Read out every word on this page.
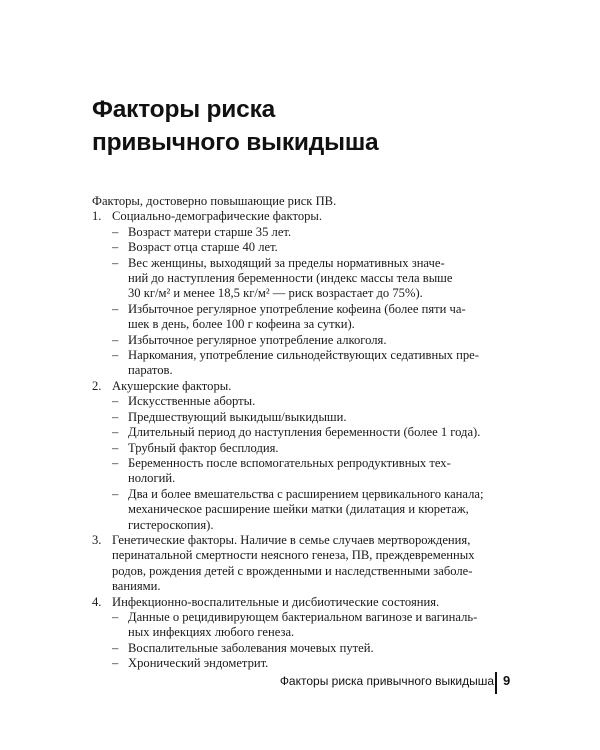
Факторы риска
привычного выкидыша

Факторы, достоверно повышающие риск ПВ.

1. Социально-демографические факторы.
– Возраст матери старше 35 лет.
– Возраст отца старше 40 лет.
– Вес женщины, выходящий за пределы нормативных значе-
ний до наступления беременности (индекс массы тела выше
30 кг/м² и менее 18,5 кг/м² — риск возрастает до 75%).
– Избыточное регулярное употребление кофеина (более пяти ча-
шек в день, более 100 г кофеина за сутки).
– Избыточное регулярное употребление алкоголя.
– Наркомания, употребление сильнодействующих седативных пре-
паратов.
2. Акушерские факторы.
– Искусственные аборты.
– Предшествующий выкидыш/выкидыши.
– Длительный период до наступления беременности (более 1 года).
– Трубный фактор бесплодия.
– Беременность после вспомогательных репродуктивных тех-
нологий.
– Два и более вмешательства с расширением цервикального канала;
механическое расширение шейки матки (дилатация и кюретаж,
гистероскопия).
3. Генетические факторы. Наличие в семье случаев мертворождения,
перинатальной смертности неясного генеза, ПВ, преждевременных
родов, рождения детей с врожденными и наследственными заболе-
ваниями.
4. Инфекционно-воспалительные и дисбиотические состояния.
– Данные о рецидивирующем бактериальном вагинозе и вагиналь-
ных инфекциях любого генеза.
– Воспалительные заболевания мочевых путей.
– Хронический эндометрит.
Факторы риска привычного выкидыша 9
